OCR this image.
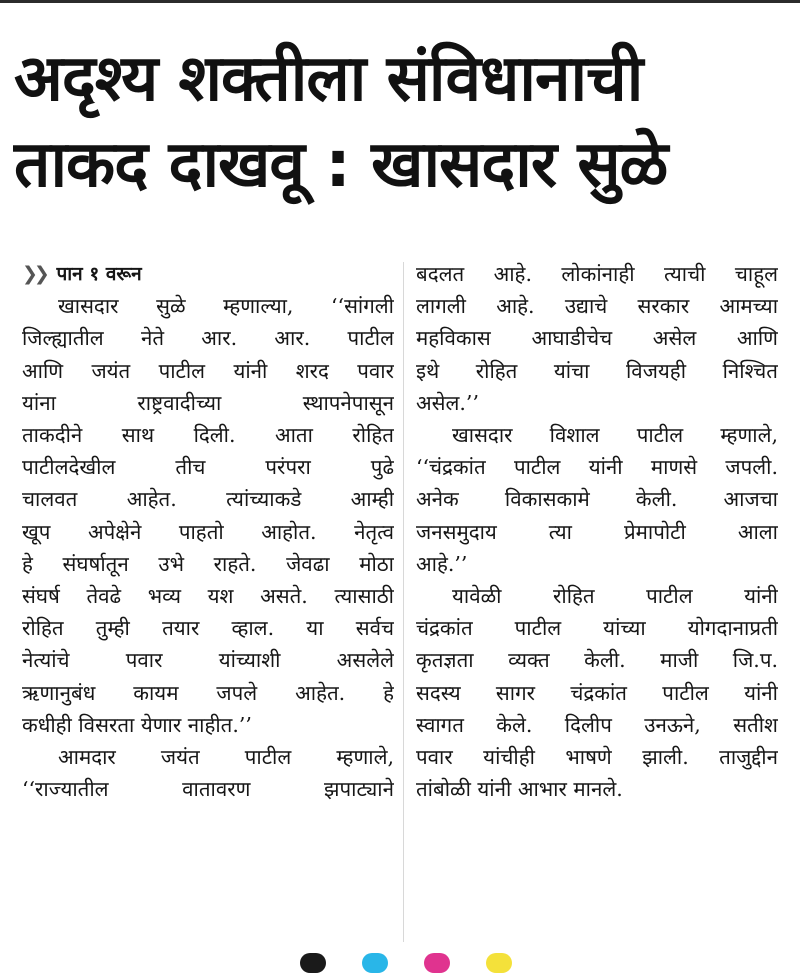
अदृश्य शक्तीला संविधानाची
ताकद दाखवू : खासदार सुळे
❯❯ पान १ वरून
खासदार सुळे म्हणाल्या, ‘‘सांगली
जिल्ह्यातील नेते आर. आर. पाटील
आणि जयंत पाटील यांनी शरद पवार
यांना राष्ट्रवादीच्या स्थापनेपासून
ताकदीने साथ दिली. आता रोहित
पाटीलदेखील तीच परंपरा पुढे
चालवत आहेत. त्यांच्याकडे आम्ही
खूप अपेक्षेने पाहतो आहोत. नेतृत्व
हे संघर्षातून उभे राहते. जेवढा मोठा
संघर्ष तेवढे भव्य यश असते. त्यासाठी
रोहित तुम्ही तयार व्हाल. या सर्वच
नेत्यांचे पवार यांच्याशी असलेले
ऋणानुबंध कायम जपले आहेत. हे
कधीही विसरता येणार नाहीत.’’
आमदार जयंत पाटील म्हणाले,
‘‘राज्यातील वातावरण झपाट्याने
बदलत आहे. लोकांनाही त्याची चाहूल
लागली आहे. उद्याचे सरकार आमच्या
महविकास आघाडीचेच असेल आणि
इथे रोहित यांचा विजयही निश्चित
असेल.’’
खासदार विशाल पाटील म्हणाले,
‘‘चंद्रकांत पाटील यांनी माणसे जपली.
अनेक विकासकामे केली. आजचा
जनसमुदाय त्या प्रेमापोटी आला
आहे.’’
यावेळी रोहित पाटील यांनी
चंद्रकांत पाटील यांच्या योगदानाप्रती
कृतज्ञता व्यक्त केली. माजी जि.प.
सदस्य सागर चंद्रकांत पाटील यांनी
स्वागत केले. दिलीप उनऊने, सतीश
पवार यांचीही भाषणे झाली. ताजुद्दीन
तांबोळी यांनी आभार मानले.
